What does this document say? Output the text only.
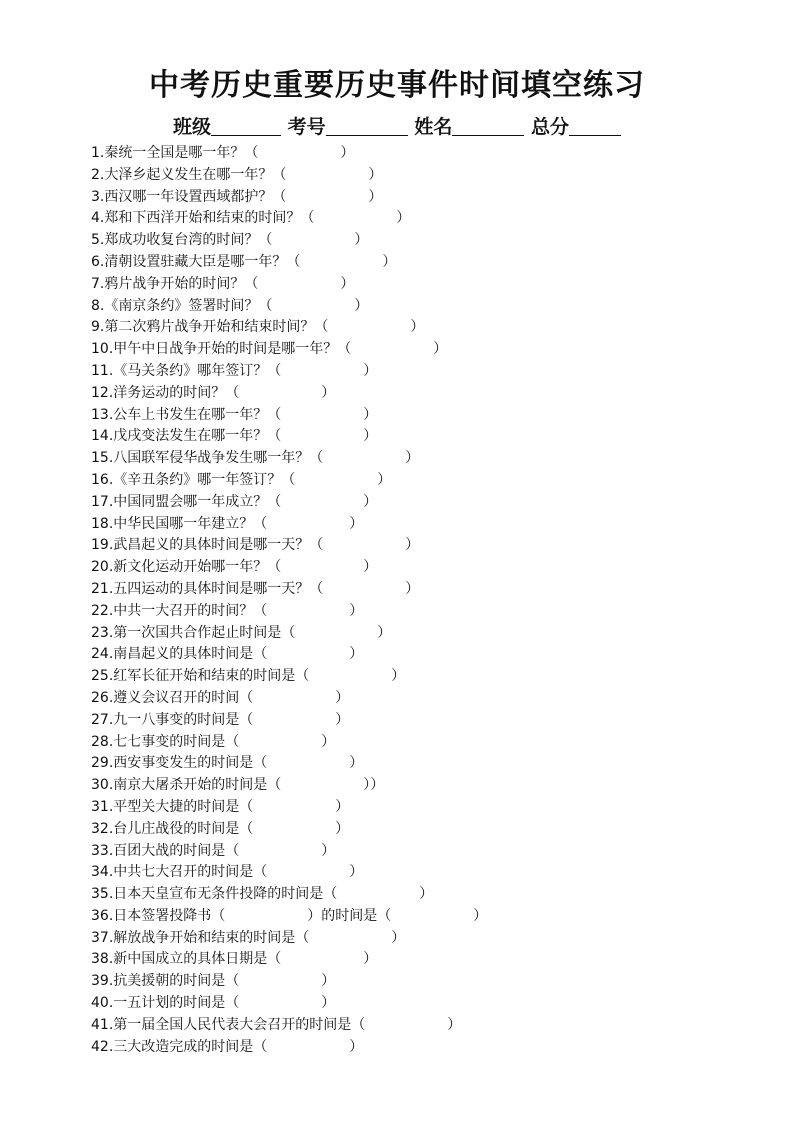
中考历史重要历史事件时间填空练习
班级	考号	姓名	总分
1.秦统一全国是哪一年？（	）
2.大泽乡起义发生在哪一年？（	）
3.西汉哪一年设置西域都护？（	）
4.郑和下西洋开始和结束的时间？（	）
5.郑成功收复台湾的时间？（	）
6.清朝设置驻藏大臣是哪一年？（	）
7.鸦片战争开始的时间？（	）
8.《南京条约》签署时间？（	）
9.第二次鸦片战争开始和结束时间？（	）
10.甲午中日战争开始的时间是哪一年？（	）
11.《马关条约》哪年签订？（	）
12.洋务运动的时间？（	）
13.公车上书发生在哪一年？（	）
14.戊戌变法发生在哪一年？（	）
15.八国联军侵华战争发生哪一年？（	）
16.《辛丑条约》哪一年签订？（	）
17.中国同盟会哪一年成立？（	）
18.中华民国哪一年建立？（	）
19.武昌起义的具体时间是哪一天？（	）
20.新文化运动开始哪一年？（	）
21.五四运动的具体时间是哪一天？（	）
22.中共一大召开的时间？（	）
23.第一次国共合作起止时间是（	）
24.南昌起义的具体时间是（	）
25.红军长征开始和结束的时间是（	）
26.遵义会议召开的时间（	）
27.九一八事变的时间是（	）
28.七七事变的时间是（	）
29.西安事变发生的时间是（	）
30.南京大屠杀开始的时间是（	））
31.平型关大捷的时间是（	）
32.台儿庄战役的时间是（	）
33.百团大战的时间是（	）
34.中共七大召开的时间是（	）
35.日本天皇宣布无条件投降的时间是（	）
36.日本签署投降书（	）的时间是（	）
37.解放战争开始和结束的时间是（	）
38.新中国成立的具体日期是（	）
39.抗美援朝的时间是（	）
40.一五计划的时间是（	）
41.第一届全国人民代表大会召开的时间是（	）
42.三大改造完成的时间是（	）
